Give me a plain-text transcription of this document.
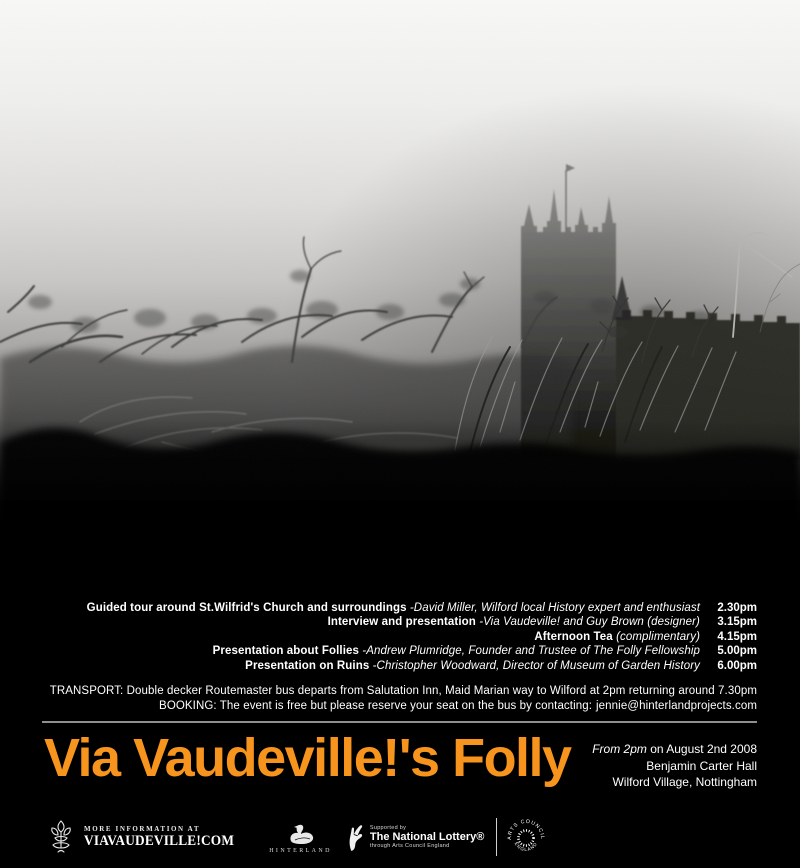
Guided tour around St.Wilfrid's Church and surroundings -David Miller, Wilford local History expert and enthusiast	2.30pm
Interview and presentation -Via Vaudeville! and Guy Brown (designer)	3.15pm
Afternoon Tea (complimentary)	4.15pm
Presentation about Follies -Andrew Plumridge, Founder and Trustee of The Folly Fellowship	5.00pm
Presentation on Ruins -Christopher Woodward, Director of Museum of Garden History	6.00pm
TRANSPORT: Double decker Routemaster bus departs from Salutation Inn, Maid Marian way to Wilford at 2pm returning around 7.30pm
BOOKING: The event is free but please reserve your seat on the bus by contacting: jennie@hinterlandprojects.com
Via Vaudeville!'s Folly From 2pm on August 2nd 2008
Benjamin Carter Hall
Wilford Village, Nottingham
MORE INFORMATION AT
VIAVAUDEVILLE!COM
HINTERLAND
Supported by
The National Lottery®
through Arts Council England
ARTS COUNCIL
ENGLAND
